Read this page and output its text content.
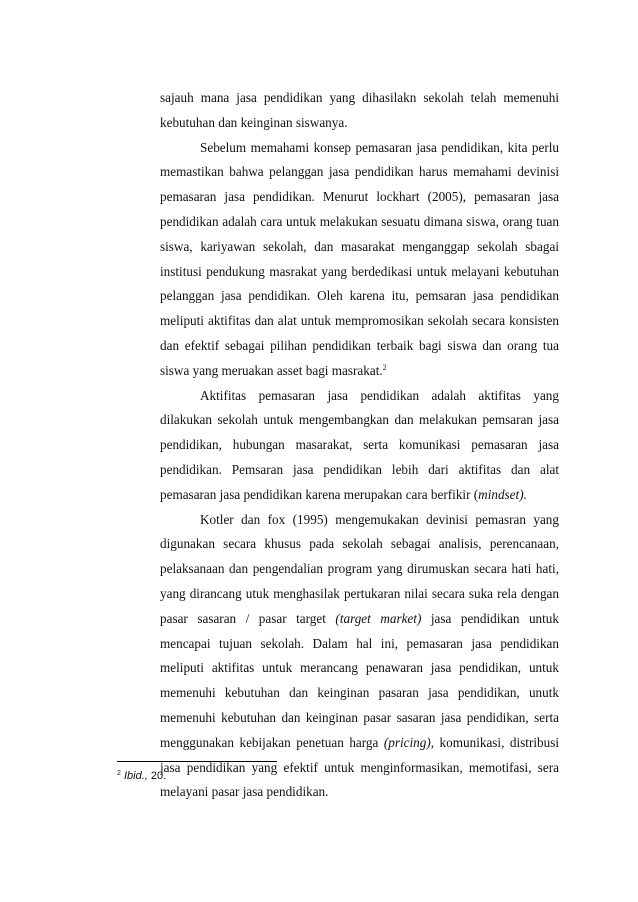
sajauh mana jasa pendidikan yang dihasilakn sekolah telah memenuhi
kebutuhan dan keinginan siswanya.
Sebelum memahami konsep pemasaran jasa pendidikan, kita perlu
memastikan bahwa pelanggan jasa pendidikan harus memahami devinisi
pemasaran jasa pendidikan. Menurut lockhart (2005), pemasaran jasa
pendidikan adalah cara untuk melakukan sesuatu dimana siswa, orang tuan
siswa, kariyawan sekolah, dan masarakat menganggap sekolah sbagai
institusi pendukung masrakat yang berdedikasi untuk melayani kebutuhan
pelanggan jasa pendidikan. Oleh karena itu, pemsaran jasa pendidikan
meliputi aktifitas dan alat untuk mempromosikan sekolah secara konsisten
dan efektif sebagai pilihan pendidikan terbaik bagi siswa dan orang tua
siswa yang meruakan asset bagi masrakat.$^2$
Aktifitas pemasaran jasa pendidikan adalah aktifitas yang
dilakukan sekolah untuk mengembangkan dan melakukan pemsaran jasa
pendidikan, hubungan masarakat, serta komunikasi pemasaran jasa
pendidikan. Pemsaran jasa pendidikan lebih dari aktifitas dan alat
pemasaran jasa pendidikan karena merupakan cara berfikir (mindset).
Kotler dan fox (1995) mengemukakan devinisi pemasran yang
digunakan secara khusus pada sekolah sebagai analisis, perencanaan,
pelaksanaan dan pengendalian program yang dirumuskan secara hati hati,
yang dirancang utuk menghasilak pertukaran nilai secara suka rela dengan
pasar sasaran / pasar target (target market) jasa pendidikan untuk
mencapai tujuan sekolah. Dalam hal ini, pemasaran jasa pendidikan
meliputi aktifitas untuk merancang penawaran jasa pendidikan, untuk
memenuhi kebutuhan dan keinginan pasaran jasa pendidikan, unutk
memenuhi kebutuhan dan keinginan pasar sasaran jasa pendidikan, serta
menggunakan kebijakan penetuan harga (pricing), komunikasi, distribusi
jasa pendidikan yang efektif untuk menginformasikan, memotifasi, sera
melayani pasar jasa pendidikan.
$^2$ Ibid., 20.
